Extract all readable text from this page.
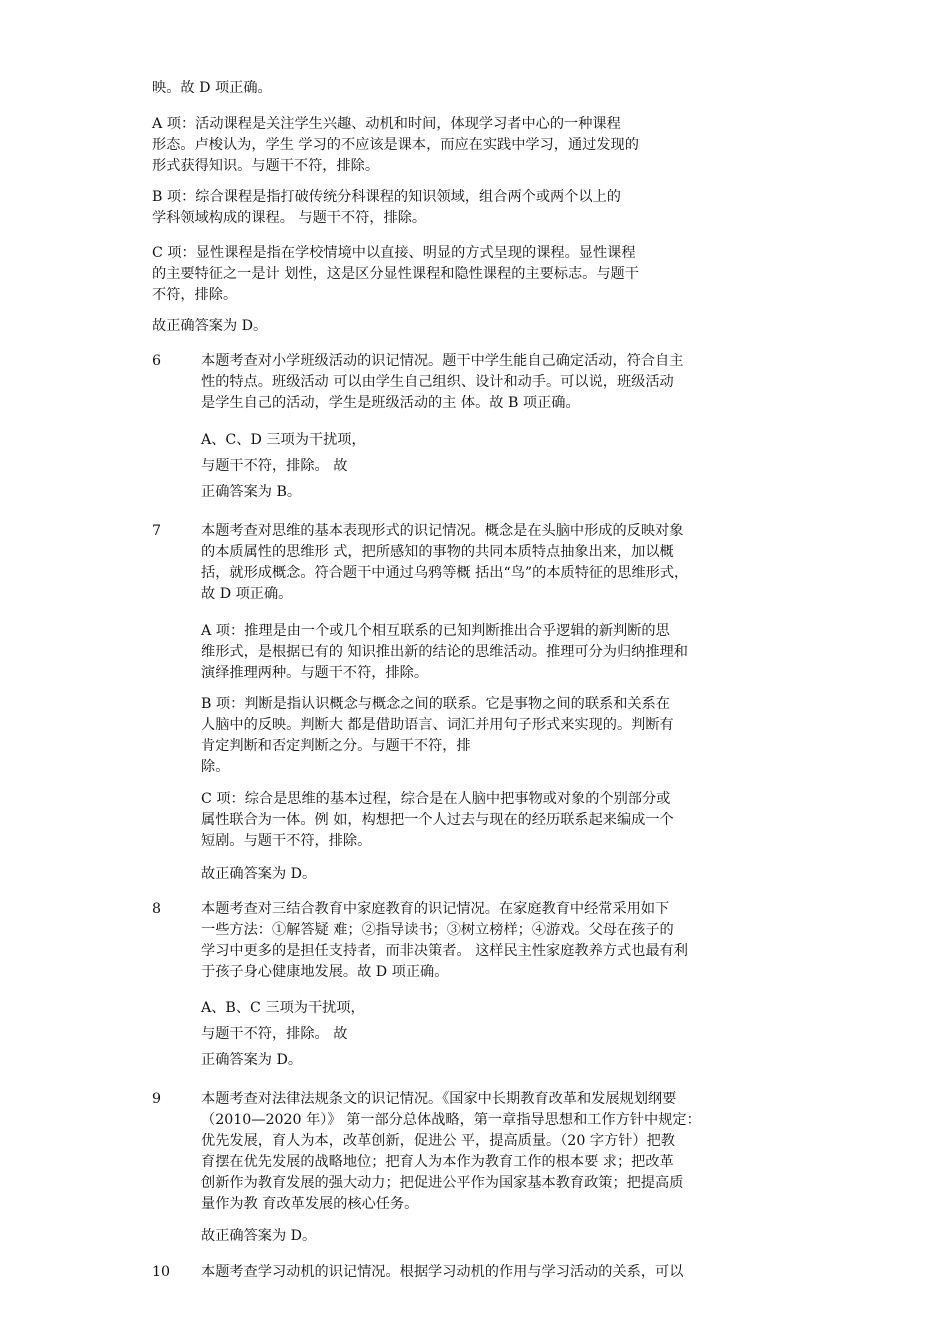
映。故 D 项正确。
A 项：活动课程是关注学生兴趣、动机和时间，体现学习者中心的一种课程
形态。卢梭认为，学生 学习的不应该是课本，而应在实践中学习，通过发现的
形式获得知识。与题干不符，排除。
B 项：综合课程是指打破传统分科课程的知识领域，组合两个或两个以上的
学科领域构成的课程。 与题干不符，排除。
C 项：显性课程是指在学校情境中以直接、明显的方式呈现的课程。显性课程
的主要特征之一是计 划性，这是区分显性课程和隐性课程的主要标志。与题干
不符，排除。
故正确答案为 D。
6	本题考查对小学班级活动的识记情况。题干中学生能自己确定活动，符合自主
性的特点。班级活动 可以由学生自己组织、设计和动手。可以说，班级活动
是学生自己的活动，学生是班级活动的主 体。故 B 项正确。
A、C、D 三项为干扰项，
与题干不符，排除。 故
正确答案为 B。
7	本题考查对思维的基本表现形式的识记情况。概念是在头脑中形成的反映对象
的本质属性的思维形 式，把所感知的事物的共同本质特点抽象出来，加以概
括，就形成概念。符合题干中通过乌鸦等概 括出“鸟”的本质特征的思维形式，
故 D 项正确。
A 项：推理是由一个或几个相互联系的已知判断推出合乎逻辑的新判断的思
维形式，是根据已有的 知识推出新的结论的思维活动。推理可分为归纳推理和
演绎推理两种。与题干不符，排除。
B 项：判断是指认识概念与概念之间的联系。它是事物之间的联系和关系在
人脑中的反映。判断大 都是借助语言、词汇并用句子形式来实现的。判断有
肯定判断和否定判断之分。与题干不符，排
除。
C 项：综合是思维的基本过程，综合是在人脑中把事物或对象的个别部分或
属性联合为一体。例 如，构想把一个人过去与现在的经历联系起来编成一个
短剧。与题干不符，排除。
故正确答案为 D。
8	本题考查对三结合教育中家庭教育的识记情况。在家庭教育中经常采用如下
一些方法：①解答疑 难；②指导读书；③树立榜样；④游戏。父母在孩子的
学习中更多的是担任支持者，而非决策者。 这样民主性家庭教养方式也最有利
于孩子身心健康地发展。故 D 项正确。
A、B、C 三项为干扰项，
与题干不符，排除。 故
正确答案为 D。
9	本题考查对法律法规条文的识记情况。《国家中长期教育改革和发展规划纲要
（2010—2020 年）》 第一部分总体战略，第一章指导思想和工作方针中规定：
优先发展，育人为本，改革创新，促进公 平，提高质量。（20 字方针）把教
育摆在优先发展的战略地位；把育人为本作为教育工作的根本要 求；把改革
创新作为教育发展的强大动力；把促进公平作为国家基本教育政策；把提高质
量作为教 育改革发展的核心任务。
故正确答案为 D。
10 本题考查学习动机的识记情况。根据学习动机的作用与学习活动的关系，可以
